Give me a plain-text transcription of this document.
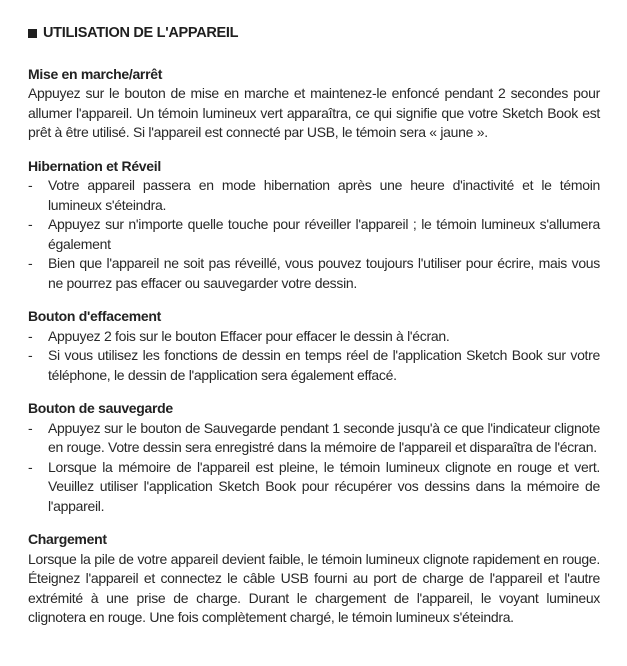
UTILISATION DE L'APPAREIL
Mise en marche/arrêt

Appuyez sur le bouton de mise en marche et maintenez-le enfoncé pendant 2 secondes pour allumer l'appareil. Un témoin lumineux vert apparaîtra, ce qui signifie que votre Sketch Book est prêt à être utilisé. Si l'appareil est connecté par USB, le témoin sera « jaune ».

Hibernation et Réveil
-	Votre appareil passera en mode hibernation après une heure d'inactivité et le témoin lumineux s'éteindra.

-	Appuyez sur n'importe quelle touche pour réveiller l'appareil ; le témoin lumineux s'allumera également

-	Bien que l'appareil ne soit pas réveillé, vous pouvez toujours l'utiliser pour écrire, mais vous ne pourrez pas effacer ou sauvegarder votre dessin.

Bouton d'effacement
-	Appuyez 2 fois sur le bouton Effacer pour effacer le dessin à l'écran.

-	Si vous utilisez les fonctions de dessin en temps réel de l'application Sketch Book sur votre téléphone, le dessin de l'application sera également effacé.

Bouton de sauvegarde
-	Appuyez sur le bouton de Sauvegarde pendant 1 seconde jusqu'à ce que l'indicateur clignote en rouge. Votre dessin sera enregistré dans la mémoire de l'appareil et disparaîtra de l'écran.

-	Lorsque la mémoire de l'appareil est pleine, le témoin lumineux clignote en rouge et vert. Veuillez utiliser l'application Sketch Book pour récupérer vos dessins dans la mémoire de l'appareil.

Chargement

Lorsque la pile de votre appareil devient faible, le témoin lumineux clignote rapidement en rouge. Éteignez l'appareil et connectez le câble USB fourni au port de charge de l'appareil et l'autre extrémité à une prise de charge. Durant le chargement de l'appareil, le voyant lumineux clignotera en rouge. Une fois complètement chargé, le témoin lumineux s'éteindra.
